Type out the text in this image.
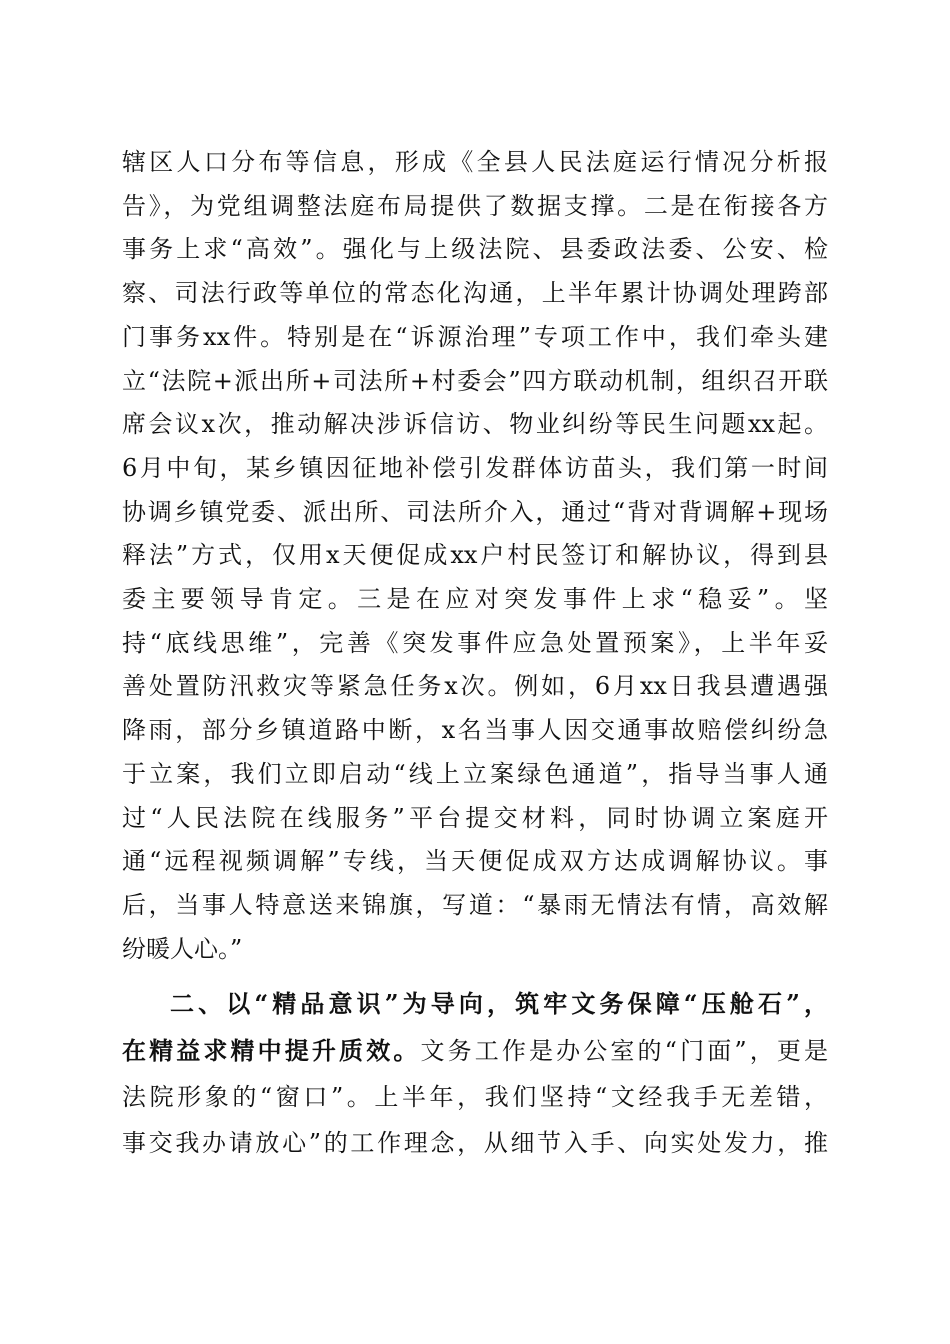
辖区人口分布等信息，形成《全县人民法庭运行情况分析报
告》，为党组调整法庭布局提供了数据支撑。二是在衔接各方
事务上求“高效”。强化与上级法院、县委政法委、公安、检
察、司法行政等单位的常态化沟通，上半年累计协调处理跨部
门事务xx件。特别是在“诉源治理”专项工作中，我们牵头建
立“法院+派出所+司法所+村委会”四方联动机制，组织召开联
席会议x次，推动解决涉诉信访、物业纠纷等民生问题xx起。
6月中旬，某乡镇因征地补偿引发群体访苗头，我们第一时间
协调乡镇党委、派出所、司法所介入，通过“背对背调解+现场
释法”方式，仅用x天便促成xx户村民签订和解协议，得到县
委主要领导肯定。三是在应对突发事件上求“稳妥”。坚
持“底线思维”，完善《突发事件应急处置预案》，上半年妥
善处置防汛救灾等紧急任务x次。例如，6月xx日我县遭遇强
降雨，部分乡镇道路中断，x名当事人因交通事故赔偿纠纷急
于立案，我们立即启动“线上立案绿色通道”，指导当事人通
过“人民法院在线服务”平台提交材料，同时协调立案庭开
通“远程视频调解”专线，当天便促成双方达成调解协议。事
后，当事人特意送来锦旗，写道：“暴雨无情法有情，高效解
纷暖人心。”
二、以“精品意识”为导向，筑牢文务保障“压舱石”，
在精益求精中提升质效。文务工作是办公室的“门面”，更是
法院形象的“窗口”。上半年，我们坚持“文经我手无差错，
事交我办请放心”的工作理念，从细节入手、向实处发力，推
